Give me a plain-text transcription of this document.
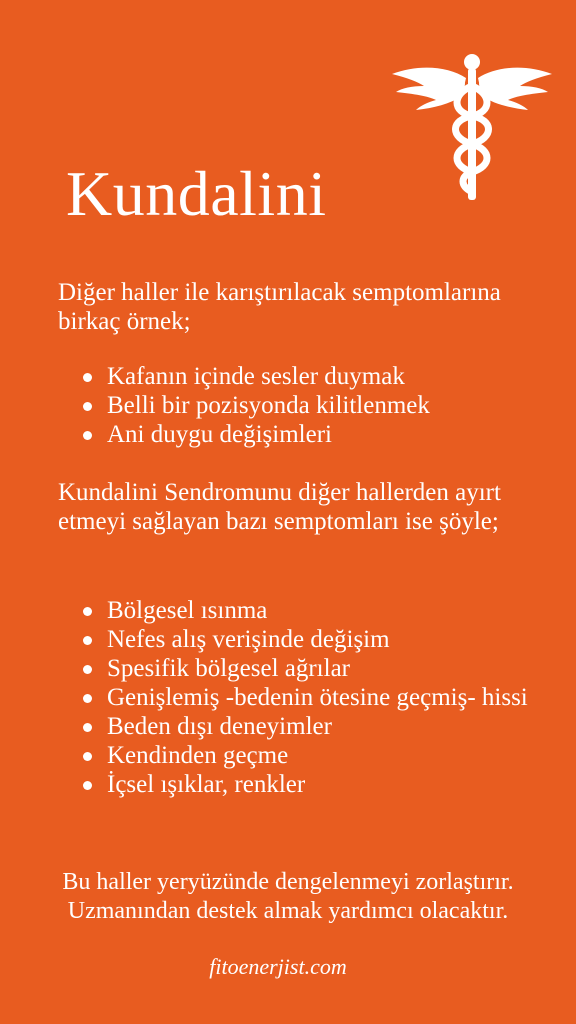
Kundalini

Diğer haller ile karıştırılacak semptomlarına birkaç örnek;

Kafanın içinde sesler duymak
Belli bir pozisyonda kilitlenmek
Ani duygu değişimleri

Kundalini Sendromunu diğer hallerden ayırt etmeyi sağlayan bazı semptomları ise şöyle;

Bölgesel ısınma
Nefes alış verişinde değişim
Spesifik bölgesel ağrılar
Genişlemiş -bedenin ötesine geçmiş- hissi
Beden dışı deneyimler
Kendinden geçme
İçsel ışıklar, renkler
Bu haller yeryüzünde dengelenmeyi zorlaştırır.
Uzmanından destek almak yardımcı olacaktır.

fitoenerjist.com
